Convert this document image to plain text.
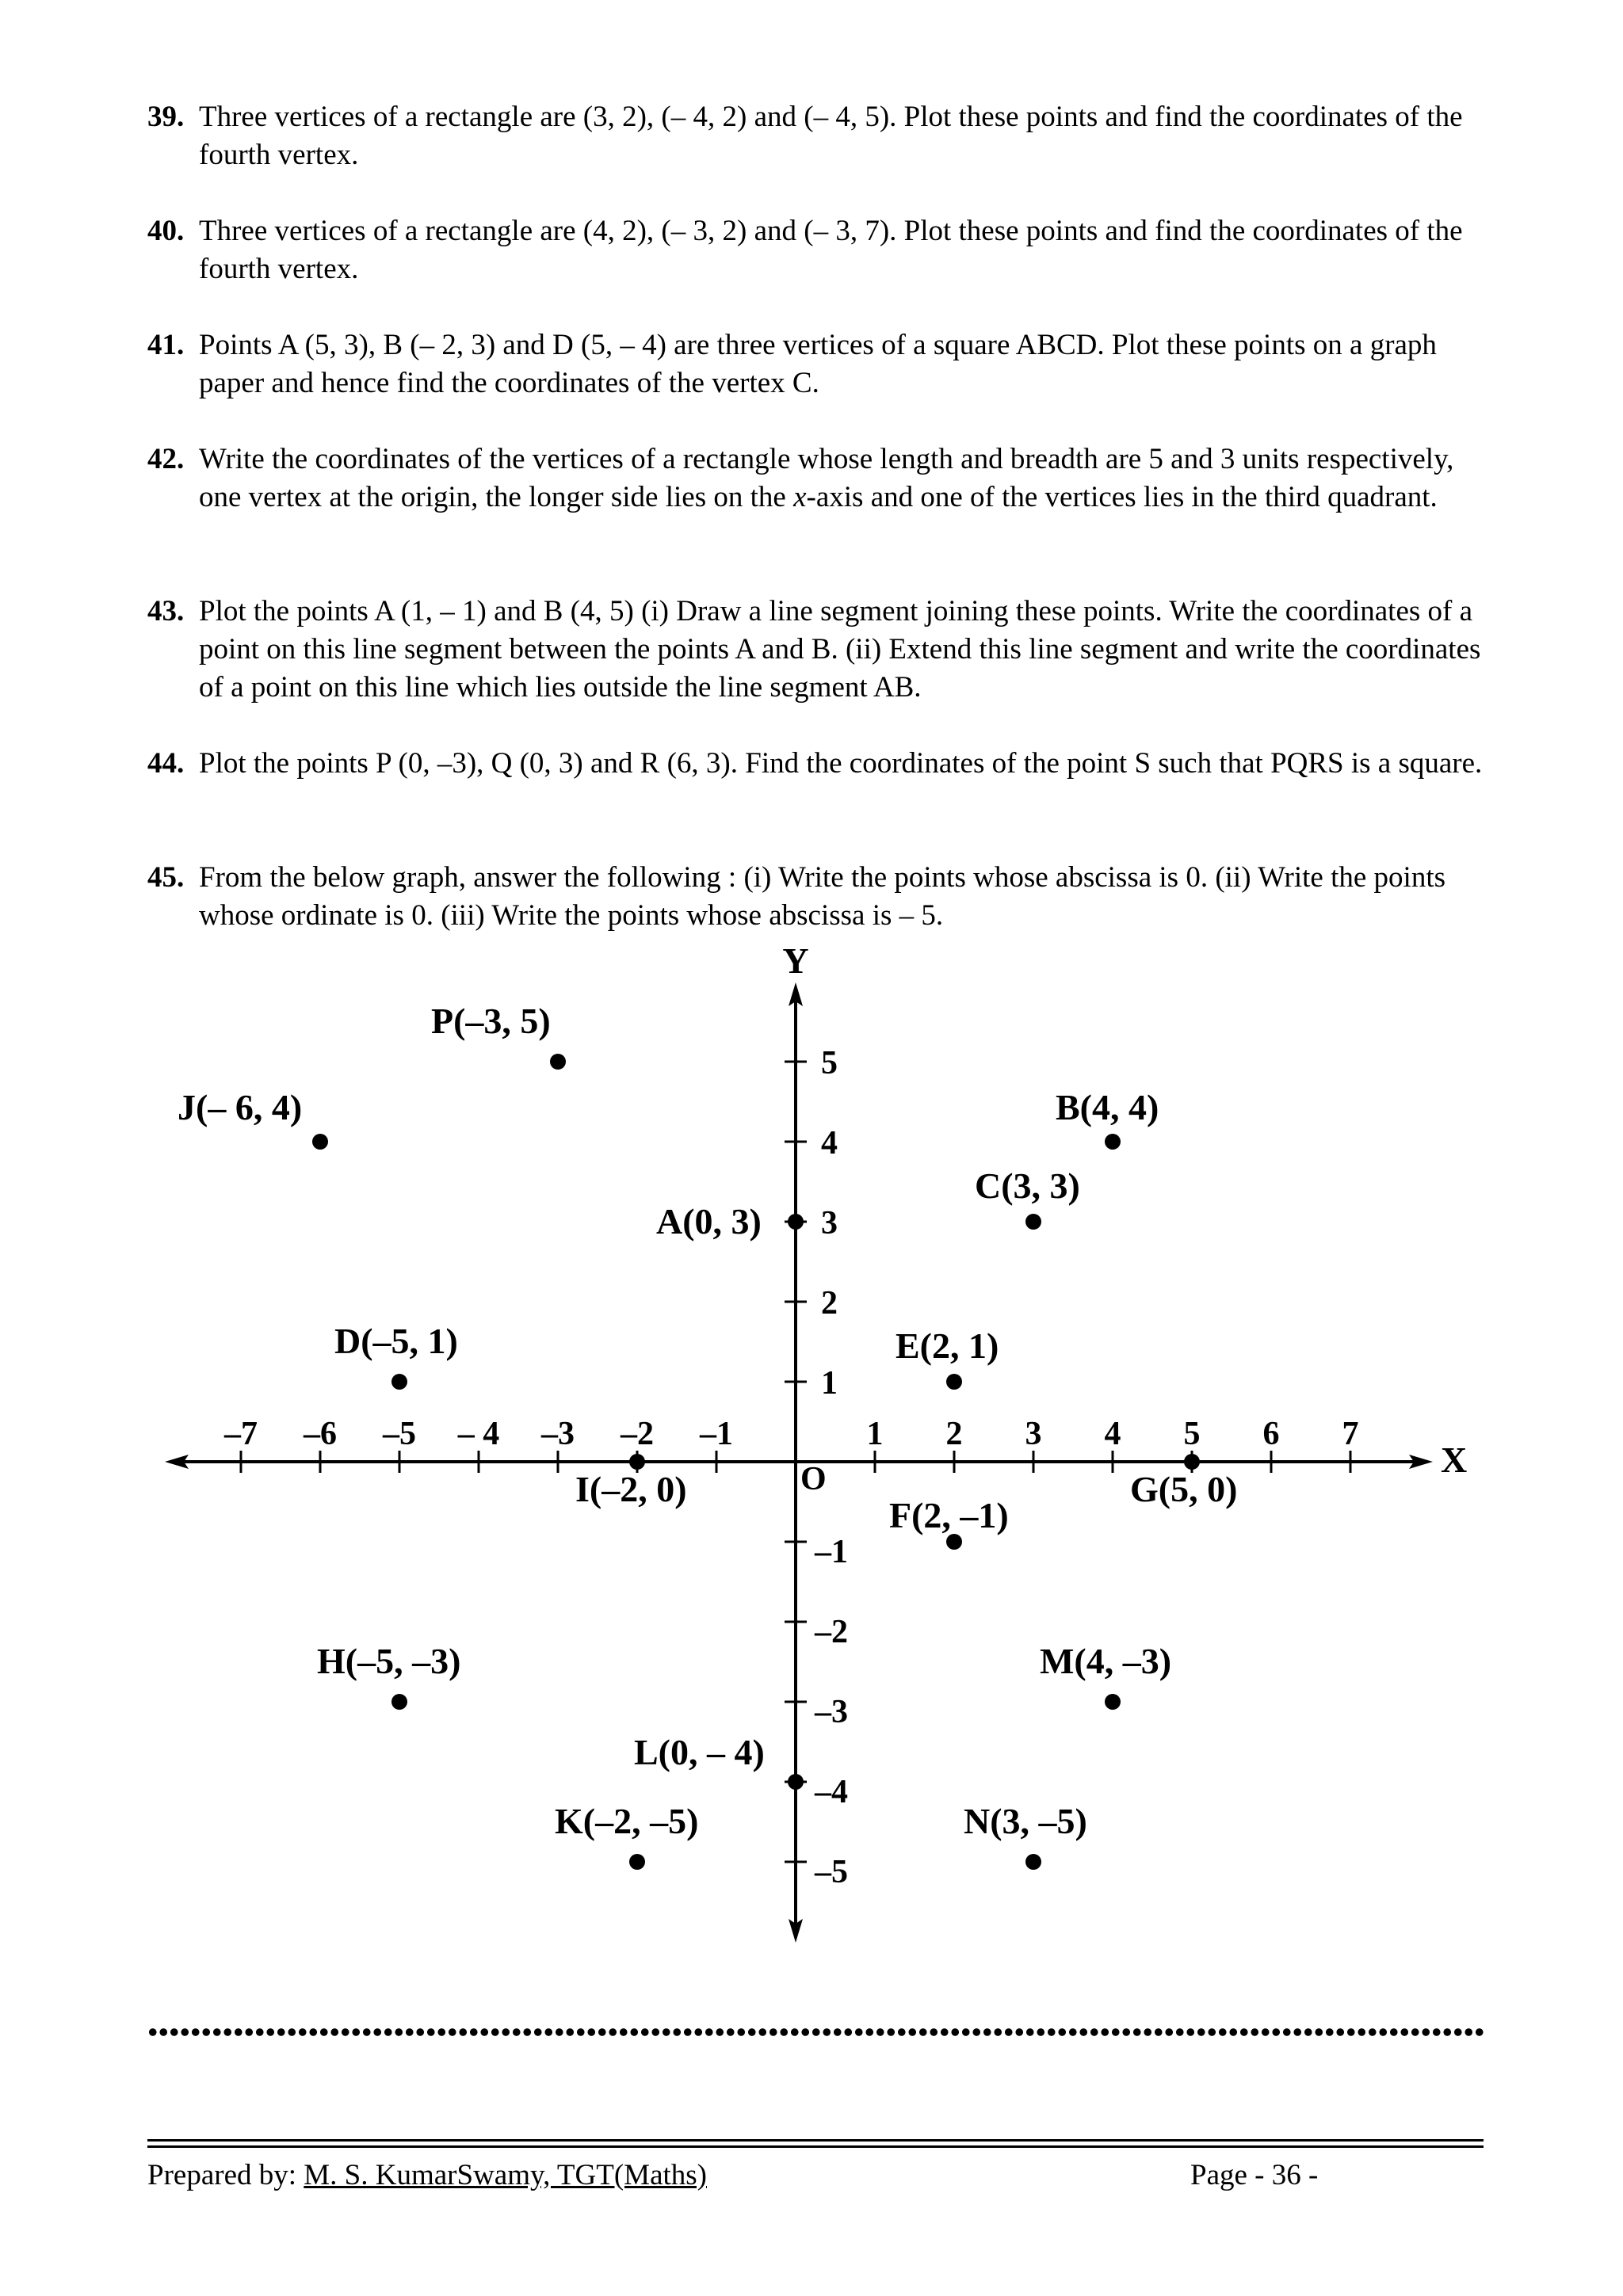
39. Three vertices of a rectangle are (3, 2), (– 4, 2) and (– 4, 5). Plot these points and find the coordinates of the fourth vertex.
40. Three vertices of a rectangle are (4, 2), (– 3, 2) and (– 3, 7). Plot these points and find the coordinates of the fourth vertex.
41. Points A (5, 3), B (– 2, 3) and D (5, – 4) are three vertices of a square ABCD. Plot these points on a graph paper and hence find the coordinates of the vertex C.
42. Write the coordinates of the vertices of a rectangle whose length and breadth are 5 and 3 units respectively, one vertex at the origin, the longer side lies on the x-axis and one of the vertices lies in the third quadrant.
43. Plot the points A (1, – 1) and B (4, 5) (i) Draw a line segment joining these points. Write the coordinates of a point on this line segment between the points A and B. (ii) Extend this line segment and write the coordinates of a point on this line which lies outside the line segment AB.
44. Plot the points P (0, –3), Q (0, 3) and R (6, 3). Find the coordinates of the point S such that PQRS is a square.
45. From the below graph, answer the following : (i) Write the points whose abscissa is 0. (ii) Write the points whose ordinate is 0. (iii) Write the points whose abscissa is – 5.
X
Y
O
–7 –6 –5 – 4 –3 –2 –1	1 2 3 4 5 6 7
5
4
3
2
1
–1
–2
–3
–4
–5
P(–3, 5)
J(– 6, 4)	B(4, 4)
C(3, 3)
A(0, 3)
D(–5, 1)	E(2, 1)
I(–2, 0)	G(5, 0)
F(2, –1)
H(–5, –3)	M(4, –3)
L(0, – 4)
K(–2, –5)	N(3, –5)
Prepared by: M. S. KumarSwamy, TGT(Maths)	Page - 36 -
